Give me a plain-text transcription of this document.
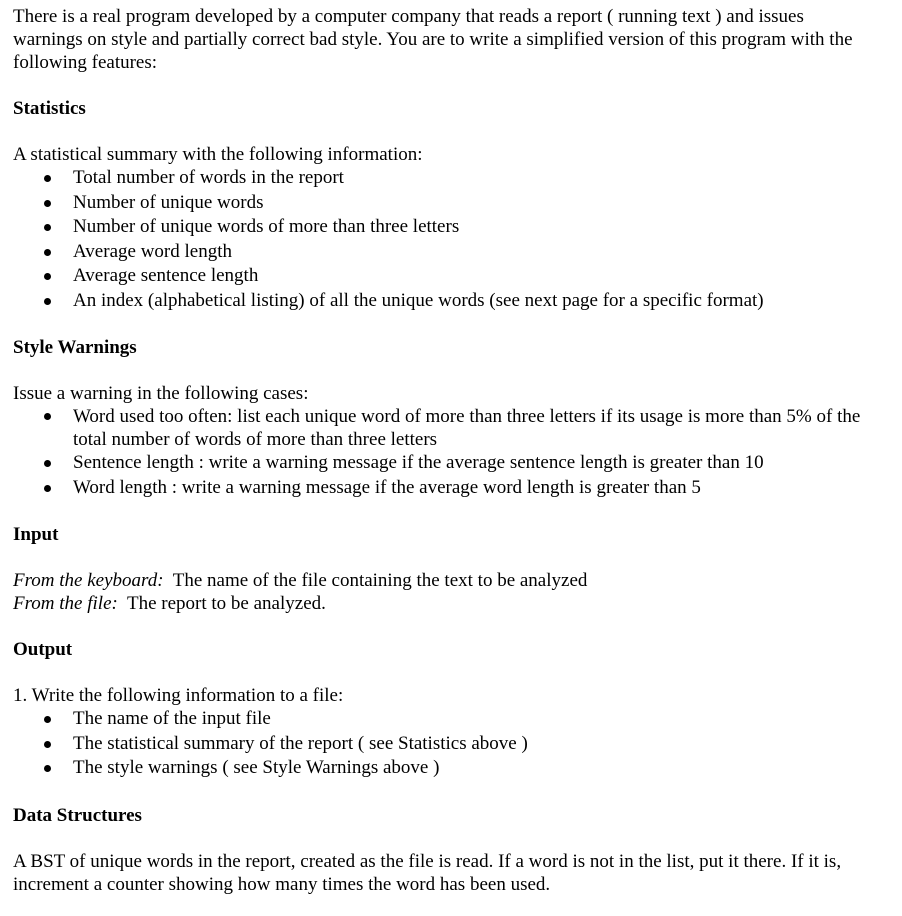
There is a real program developed by a computer company that reads a report ( running text ) and issues warnings on style and partially correct bad style. You are to write a simplified version of this program with the following features:

Statistics

A statistical summary with the following information:

Total number of words in the report
Number of unique words
Number of unique words of more than three letters
Average word length
Average sentence length
An index (alphabetical listing) of all the unique words (see next page for a specific format)

Style Warnings

Issue a warning in the following cases:

Word used too often: list each unique word of more than three letters if its usage is more than 5% of the total number of words of more than three letters
Sentence length : write a warning message if the average sentence length is greater than 10
Word length : write a warning message if the average word length is greater than 5

Input

From the keyboard: The name of the file containing the text to be analyzed

From the file: The report to be analyzed.

Output

1. Write the following information to a file:

The name of the input file
The statistical summary of the report ( see Statistics above )
The style warnings ( see Style Warnings above )

Data Structures

A BST of unique words in the report, created as the file is read. If a word is not in the list, put it there. If it is, increment a counter showing how many times the word has been used.
